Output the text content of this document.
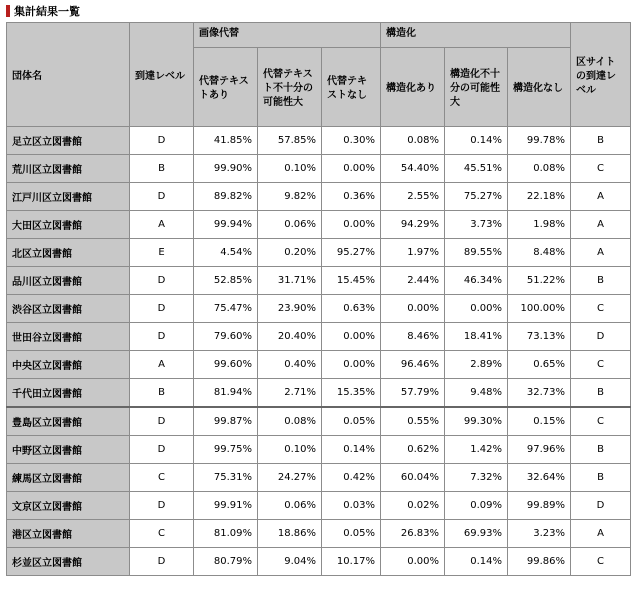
集計結果一覧
団体名	到達レベル	画像代替			構造化			区サイトの到達レベル
		代替テキストあり	代替テキスト不十分の可能性大	代替テキストなし	構造化あり	構造化不十分の可能性大	構造化なし	
足立区立図書館	D	41.85%	57.85%	0.30%	0.08%	0.14%	99.78%	B
荒川区立図書館	B	99.90%	0.10%	0.00%	54.40%	45.51%	0.08%	C
江戸川区立図書館	D	89.82%	9.82%	0.36%	2.55%	75.27%	22.18%	A
大田区立図書館	A	99.94%	0.06%	0.00%	94.29%	3.73%	1.98%	A
北区立図書館	E	4.54%	0.20%	95.27%	1.97%	89.55%	8.48%	A
品川区立図書館	D	52.85%	31.71%	15.45%	2.44%	46.34%	51.22%	B
渋谷区立図書館	D	75.47%	23.90%	0.63%	0.00%	0.00%	100.00%	C
世田谷立図書館	D	79.60%	20.40%	0.00%	8.46%	18.41%	73.13%	D
中央区立図書館	A	99.60%	0.40%	0.00%	96.46%	2.89%	0.65%	C
千代田立図書館	B	81.94%	2.71%	15.35%	57.79%	9.48%	32.73%	B
豊島区立図書館	D	99.87%	0.08%	0.05%	0.55%	99.30%	0.15%	C
中野区立図書館	D	99.75%	0.10%	0.14%	0.62%	1.42%	97.96%	B
練馬区立図書館	C	75.31%	24.27%	0.42%	60.04%	7.32%	32.64%	B
文京区立図書館	D	99.91%	0.06%	0.03%	0.02%	0.09%	99.89%	D
港区立図書館	C	81.09%	18.86%	0.05%	26.83%	69.93%	3.23%	A
杉並区立図書館	D	80.79%	9.04%	10.17%	0.00%	0.14%	99.86%	C
